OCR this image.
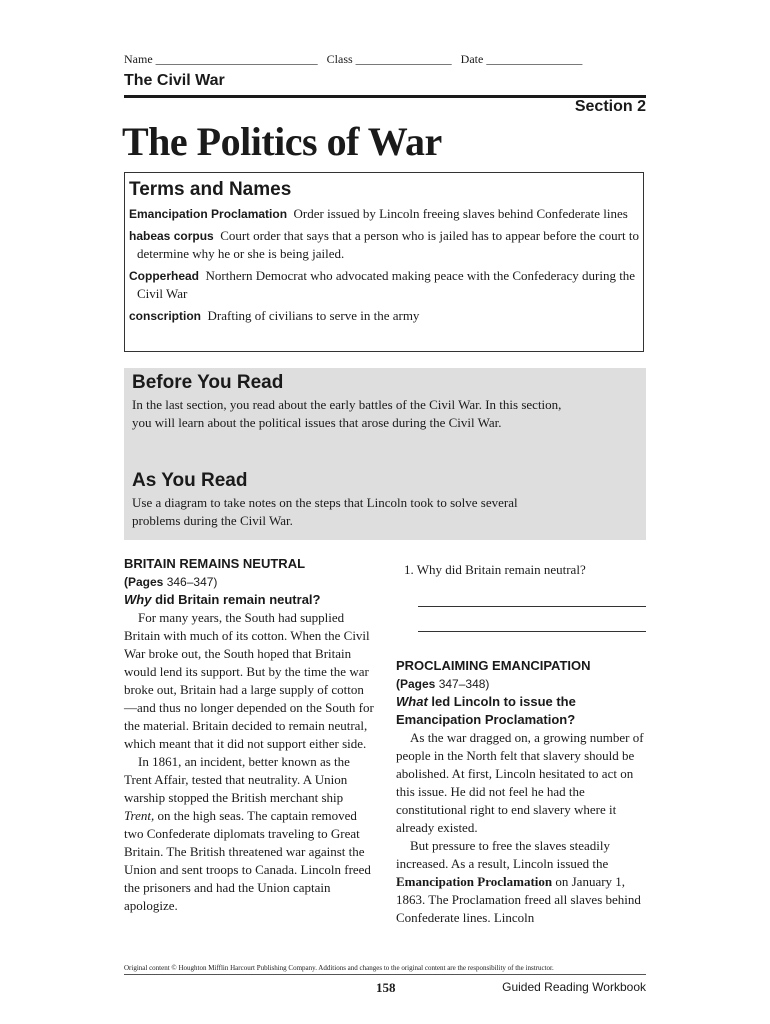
Name ___________________________ Class ________________ Date ________________
The Civil War
Section 2
The Politics of War
Terms and Names
Emancipation Proclamation Order issued by Lincoln freeing slaves behind Confederate lines
habeas corpus Court order that says that a person who is jailed has to appear before the court to determine why he or she is being jailed.
Copperhead Northern Democrat who advocated making peace with the Confederacy during the Civil War
conscription Drafting of civilians to serve in the army
Before You Read
In the last section, you read about the early battles of the Civil War. In this section, you will learn about the political issues that arose during the Civil War.
As You Read
Use a diagram to take notes on the steps that Lincoln took to solve several problems during the Civil War.
BRITAIN REMAINS NEUTRAL
(Pages 346–347)
Why did Britain remain neutral?

For many years, the South had supplied Britain with much of its cotton. When the Civil War broke out, the South hoped that Britain would lend its support. But by the time the war broke out, Britain had a large supply of cotton—and thus no longer depended on the South for the material. Britain decided to remain neutral, which meant that it did not support either side.

In 1861, an incident, better known as the Trent Affair, tested that neutrality. A Union warship stopped the British merchant ship Trent, on the high seas. The captain removed two Confederate diplomats traveling to Great Britain. The British threatened war against the Union and sent troops to Canada. Lincoln freed the prisoners and had the Union captain apologize.

1. Why did Britain remain neutral?
PROCLAIMING EMANCIPATION
(Pages 347–348)
What led Lincoln to issue the Emancipation Proclamation?

As the war dragged on, a growing number of people in the North felt that slavery should be abolished. At first, Lincoln hesitated to act on this issue. He did not feel he had the constitutional right to end slavery where it already existed.

But pressure to free the slaves steadily increased. As a result, Lincoln issued the Emancipation Proclamation on January 1, 1863. The Proclamation freed all slaves behind Confederate lines. Lincoln

Original content © Houghton Mifflin Harcourt Publishing Company. Additions and changes to the original content are the responsibility of the instructor.
158	Guided Reading Workbook
